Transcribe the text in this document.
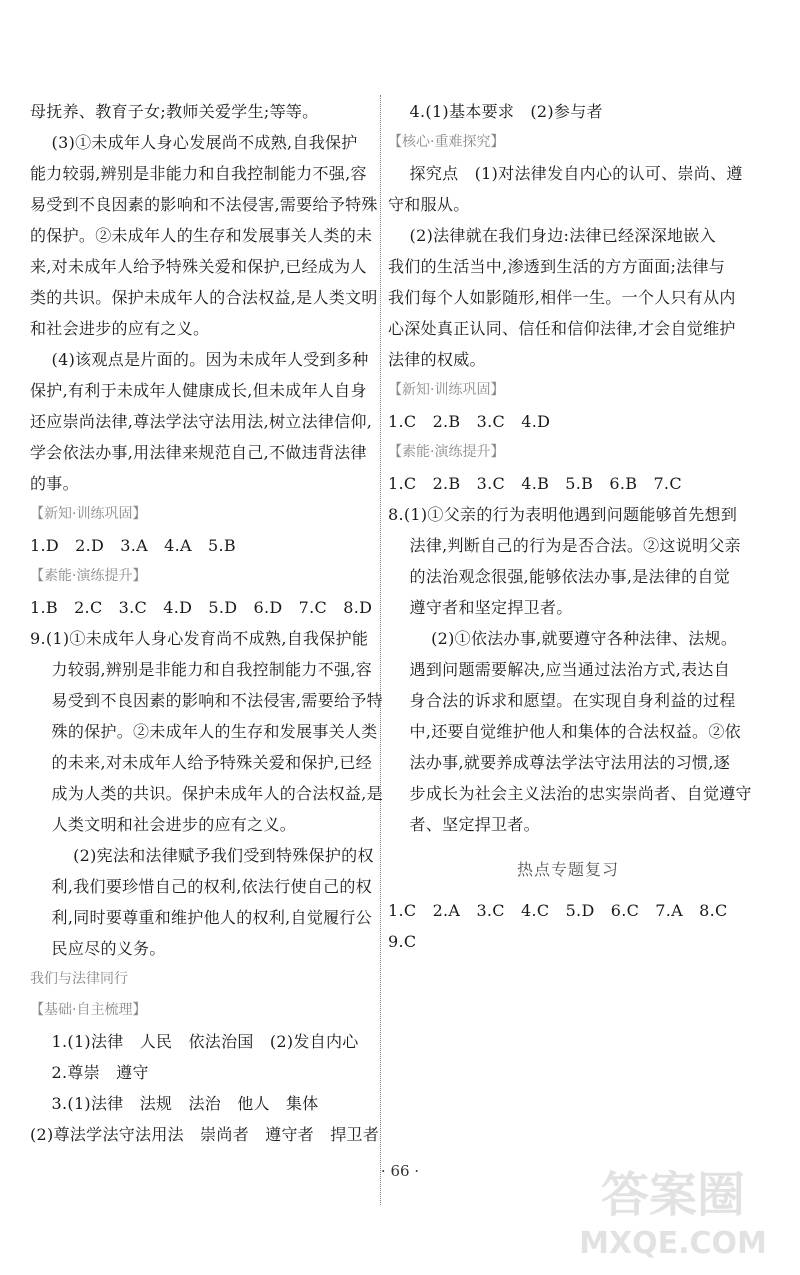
母抚养、教育子女;教师关爱学生;等等。
(3)①未成年人身心发展尚不成熟,自我保护
能力较弱,辨别是非能力和自我控制能力不强,容
易受到不良因素的影响和不法侵害,需要给予特殊
的保护。②未成年人的生存和发展事关人类的未
来,对未成年人给予特殊关爱和保护,已经成为人
类的共识。保护未成年人的合法权益,是人类文明
和社会进步的应有之义。
(4)该观点是片面的。因为未成年人受到多种
保护,有利于未成年人健康成长,但未成年人自身
还应崇尚法律,尊法学法守法用法,树立法律信仰,
学会依法办事,用法律来规范自己,不做违背法律
的事。
【新知·训练巩固】
1.D   2.D   3.A   4.A   5.B
【素能·演练提升】
1.B   2.C   3.C   4.D   5.D   6.D   7.C   8.D
9.(1)①未成年人身心发育尚不成熟,自我保护能
力较弱,辨别是非能力和自我控制能力不强,容
易受到不良因素的影响和不法侵害,需要给予特
殊的保护。②未成年人的生存和发展事关人类
的未来,对未成年人给予特殊关爱和保护,已经
成为人类的共识。保护未成年人的合法权益,是
人类文明和社会进步的应有之义。
(2)宪法和法律赋予我们受到特殊保护的权
利,我们要珍惜自己的权利,依法行使自己的权
利,同时要尊重和维护他人的权利,自觉履行公
民应尽的义务。
我们与法律同行
【基础·自主梳理】
1.(1)法律   人民   依法治国   (2)发自内心
2.尊崇   遵守
3.(1)法律   法规   法治   他人   集体
(2)尊法学法守法用法   崇尚者   遵守者   捍卫者
4.(1)基本要求   (2)参与者
【核心·重难探究】
探究点   (1)对法律发自内心的认可、崇尚、遵
守和服从。
(2)法律就在我们身边:法律已经深深地嵌入
我们的生活当中,渗透到生活的方方面面;法律与
我们每个人如影随形,相伴一生。一个人只有从内
心深处真正认同、信任和信仰法律,才会自觉维护
法律的权威。
【新知·训练巩固】
1.C   2.B   3.C   4.D
【素能·演练提升】
1.C   2.B   3.C   4.B   5.B   6.B   7.C
8.(1)①父亲的行为表明他遇到问题能够首先想到
法律,判断自己的行为是否合法。②这说明父亲
的法治观念很强,能够依法办事,是法律的自觉
遵守者和坚定捍卫者。
(2)①依法办事,就要遵守各种法律、法规。
遇到问题需要解决,应当通过法治方式,表达自
身合法的诉求和愿望。在实现自身利益的过程
中,还要自觉维护他人和集体的合法权益。②依
法办事,就要养成尊法学法守法用法的习惯,逐
步成长为社会主义法治的忠实崇尚者、自觉遵守
者、坚定捍卫者。
热点专题复习
1.C   2.A   3.C   4.C   5.D   6.C   7.A   8.C
9.C
· 66 ·	答案圈
MXQE.COM
